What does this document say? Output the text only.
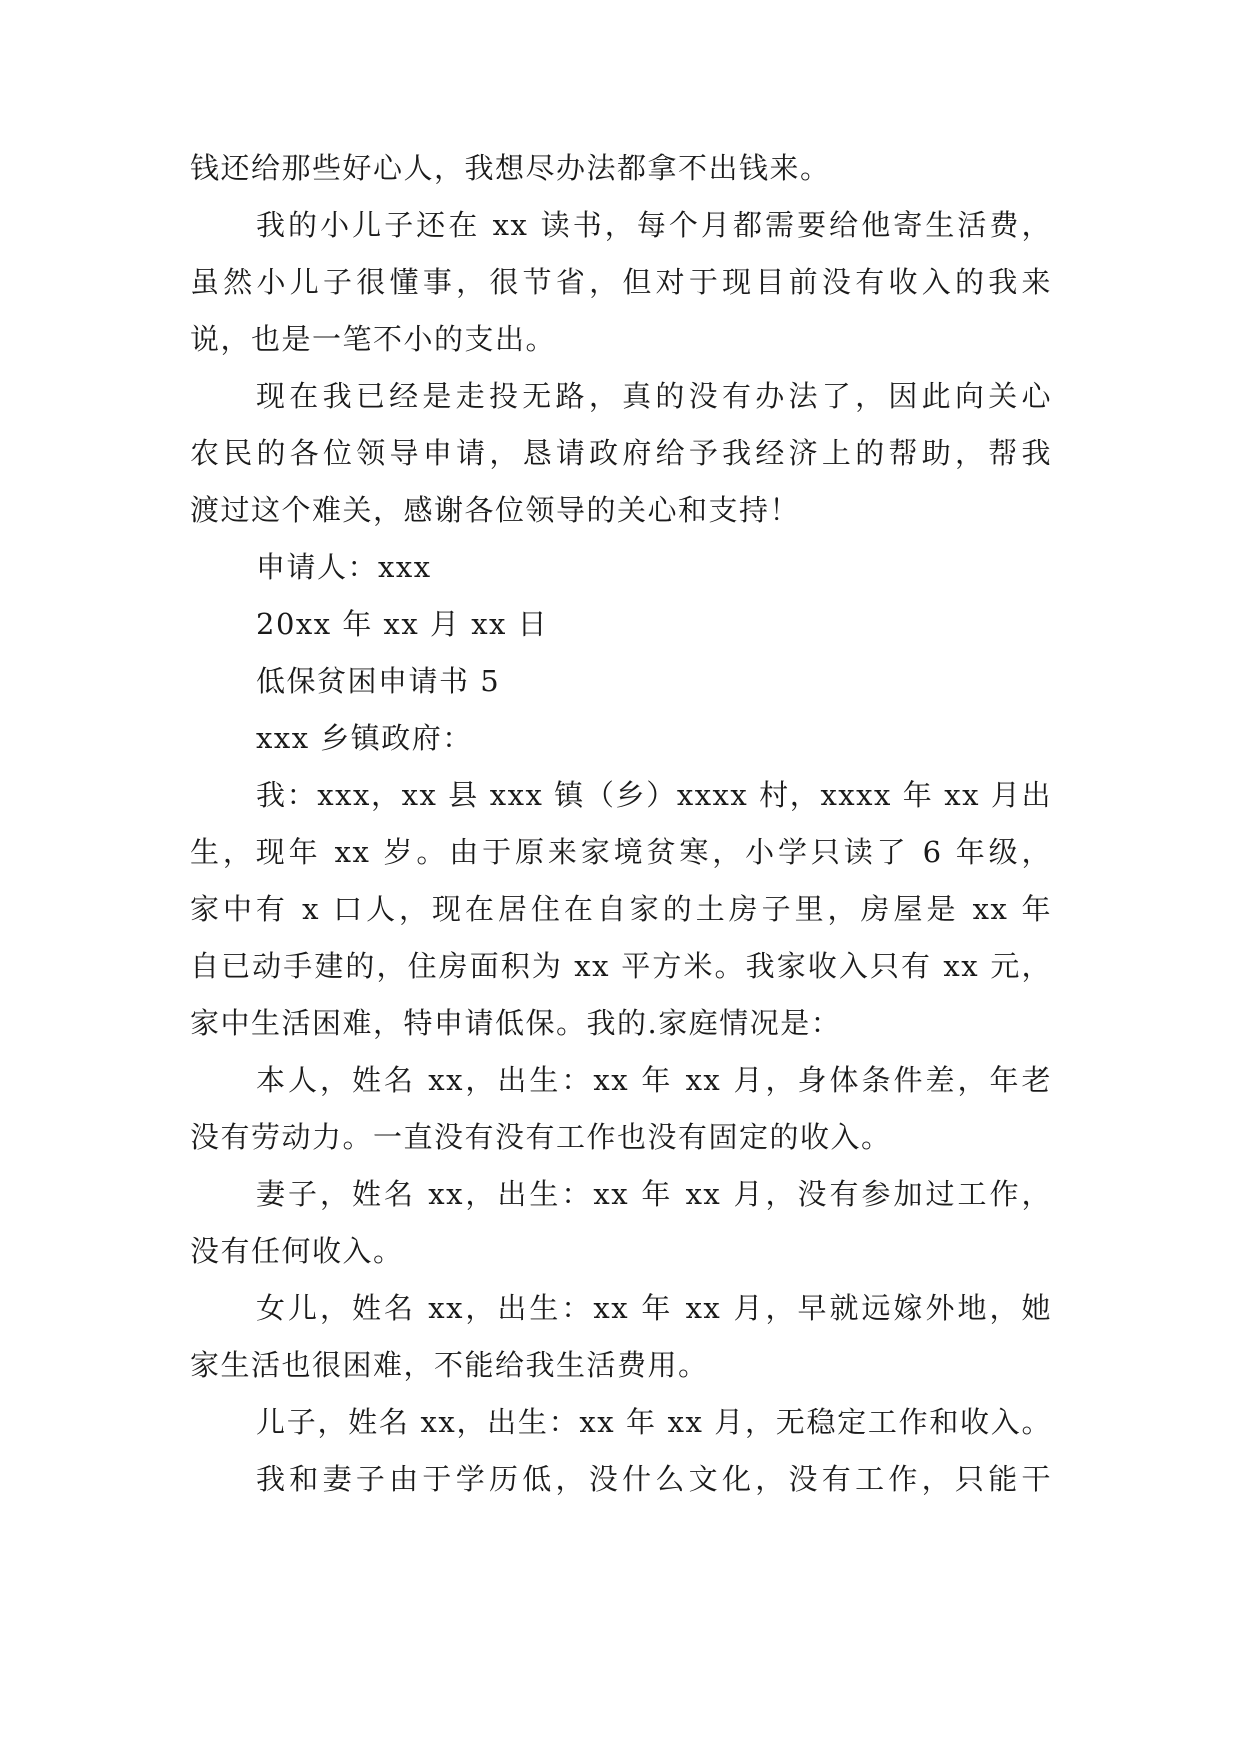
钱还给那些好心人，我想尽办法都拿不出钱来。
我的小儿子还在 xx 读书，每个月都需要给他寄生活费，
虽然小儿子很懂事，很节省，但对于现目前没有收入的我来
说，也是一笔不小的支出。
现在我已经是走投无路，真的没有办法了，因此向关心
农民的各位领导申请，恳请政府给予我经济上的帮助，帮我
渡过这个难关，感谢各位领导的关心和支持！
申请人：xxx
20xx 年 xx 月 xx 日
低保贫困申请书 5
xxx 乡镇政府：
我：xxx，xx 县 xxx 镇（乡）xxxx 村，xxxx 年 xx 月出
生，现年 xx 岁。由于原来家境贫寒，小学只读了 6 年级，
家中有 x 口人，现在居住在自家的土房子里，房屋是 xx 年
自已动手建的，住房面积为 xx 平方米。我家收入只有 xx 元，
家中生活困难，特申请低保。我的.家庭情况是：
本人，姓名 xx，出生：xx 年 xx 月，身体条件差，年老
没有劳动力。一直没有没有工作也没有固定的收入。
妻子，姓名 xx，出生：xx 年 xx 月，没有参加过工作，
没有任何收入。
女儿，姓名 xx，出生：xx 年 xx 月，早就远嫁外地，她
家生活也很困难，不能给我生活费用。
儿子，姓名 xx，出生：xx 年 xx 月，无稳定工作和收入。
我和妻子由于学历低，没什么文化，没有工作，只能干
